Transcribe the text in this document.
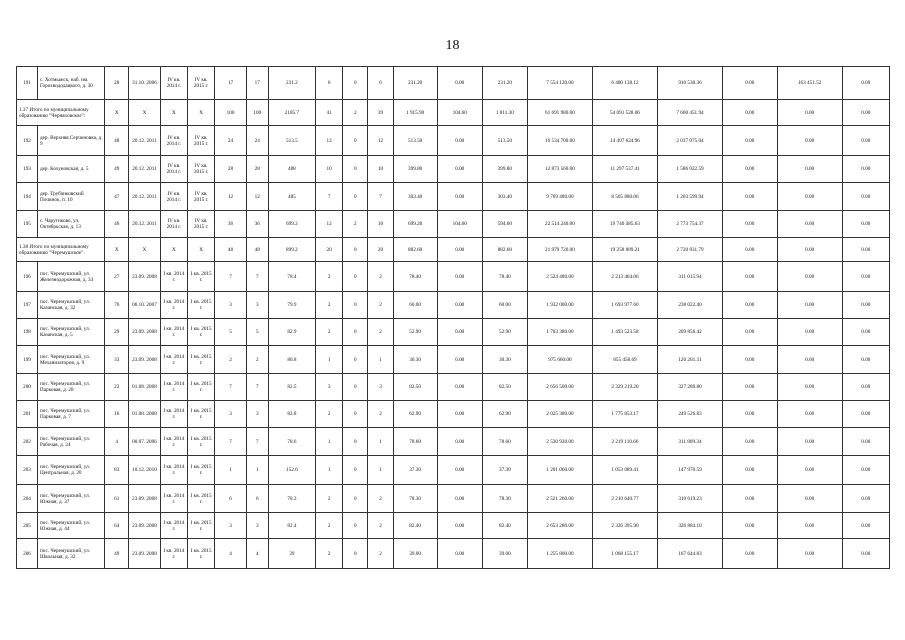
18
191	с. Хотмыжск, наб. им. Горохвододацкого, д. 30	20	31.10. 2006	IV кв. 2014 г.	IV кв. 2015 г.	17	17	231.2	6	0	6	231.20	0.00	231.20	7 554 120.00	6 480 138.12	910 530.36	0.00	163 451.52	0.00
1.37 Итого по муниципальному образованию "Черняховское":		X	X	X	X	100	100	2185.7	41	2	39	1 915.90	104.60	1 811.30	61 691 980.00	54 091 528.06	7 600 451.94	0.00	0.00	0.00
192	дер. Верхняя Серчоновка, д. 9	48	20.12. 2011	IV кв. 2014 г.	IV кв. 2015 г.	24	24	513.5	12	0	12	513.50	0.00	513.50	16 534 700.00	14 497 624.96	2 037 075.04	0.00	0.00	0.00
193	дер. Кохуновская, д. 5	49	20.12. 2011	IV кв. 2014 г.	IV кв. 2015 г.	28	28	488	10	0	10	399.80	0.00	399.80	12 873 560.00	11 297 537.41	1 586 022.59	0.00	0.00	0.00
194	дер. Трубчиковский Починок, п. 10	47	20.12. 2011	IV кв. 2014 г.	IV кв. 2015 г.	12	12	485	7	0	7	303.40	0.00	303.40	9 769 480.00	8 565 880.06	1 203 599.94	0.00	0.00	0.00
195	с. Чарутиково, ул. Октябрьская, д. 13	46	20.12. 2011	IV кв. 2014 г.	IV кв. 2015 г.	36	36	699.2	12	2	10	699.20	104.60	594.60	22 514 240.00	19 740 485.63	2 773 754.37	0.00	0.00	0.00
1.38 Итого по муниципальному образованию "Черемушское":		X	X	X	X	48	48	899.2	20	0	20	882.60	0.00	882.60	21 979 720.00	19 258 889.21	2 720 831.79	0.00	0.00	0.00
196	пос. Черемушский, ул. Железнодорожная, д. 33	27	23.09. 2008	I кв. 2014 г.	I кв. 2015 г.	7	7	78.4	2	0	2	78.40	0.00	78.40	2 524 480.00	2 213 464.06	311 015.94	0.00	0.00	0.00
197	пос. Черемушский, ул. Казанская, д. 32	76	06.10. 2007	I кв. 2014 г.	I кв. 2015 г.	3	3	79.9	2	0	2	60.00	0.00	60.00	1 932 000.00	1 693 977.60	238 022.40	0.00	0.00	0.00
198	пос. Черемушский, ул. Казанская, д. 5	29	23.09. 2008	I кв. 2014 г.	I кв. 2015 г.	5	5	82.9	2	0	2	52.90	0.00	52.90	1 703 380.00	1 493 523.58	209 856.42	0.00	0.00	0.00
199	пос. Черемушский, ул. Механизаторов, д. 9	33	23.09. 2008	I кв. 2014 г.	I кв. 2015 г.	2	2	80.8	1	0	1	30.30	0.00	30.30	975 660.00	855 458.69	120 201.31	0.00	0.00	0.00
200	пос. Черемушский, ул. Парковая, д. 28	22	01.08. 2008	I кв. 2014 г.	I кв. 2015 г.	7	7	82.5	3	0	3	82.50	0.00	82.50	2 656 500.00	2 329 219.20	327 280.80	0.00	0.00	0.00
201	пос. Черемушский, ул. Парковая, д. 7	16	01.08. 2008	I кв. 2014 г.	I кв. 2015 г.	3	3	82.8	2	0	2	62.90	0.00	62.90	2 025 380.00	1 775 853.17	249 526.83	0.00	0.00	0.00
202	пос. Черемушский, ул. Рабочая, д. 24	4	00.07. 2006	I кв. 2014 г.	I кв. 2015 г.	7	7	78.6	1	0	1	78.60	0.00	78.60	2 530 920.00	2 219 110.66	311 809.34	0.00	0.00	0.00
203	пос. Черемушский, ул. Центральная, д. 20	83	10.12. 2010	I кв. 2014 г.	I кв. 2015 г.	1	1	152.6	1	0	1	37.30	0.00	37.30	1 201 060.00	1 053 089.41	147 970.59	0.00	0.00	0.00
204	пос. Черемушский, ул. Южная, д. 37	61	23.09. 2008	I кв. 2014 г.	I кв. 2015 г.	6	6	78.3	2	0	2	78.30	0.00	78.30	2 521 260.00	2 210 640.77	310 619.23	0.00	0.00	0.00
205	пос. Черемушский, ул. Южная, д. 44	64	23.09. 2008	I кв. 2014 г.	I кв. 2015 г.	3	3	82.4	2	0	2	82.40	0.00	82.40	2 653 280.00	2 326 395.90	326 884.10	0.00	0.00	0.00
206	пос. Черемушский, ул. Школьная, д. 32	49	23.09. 2008	I кв. 2014 г.	I кв. 2015 г.	4	4	39	2	0	2	39.00	0.00	39.00	1 255 800.00	1 068 155.17	167 644.83	0.00	0.00	0.00
